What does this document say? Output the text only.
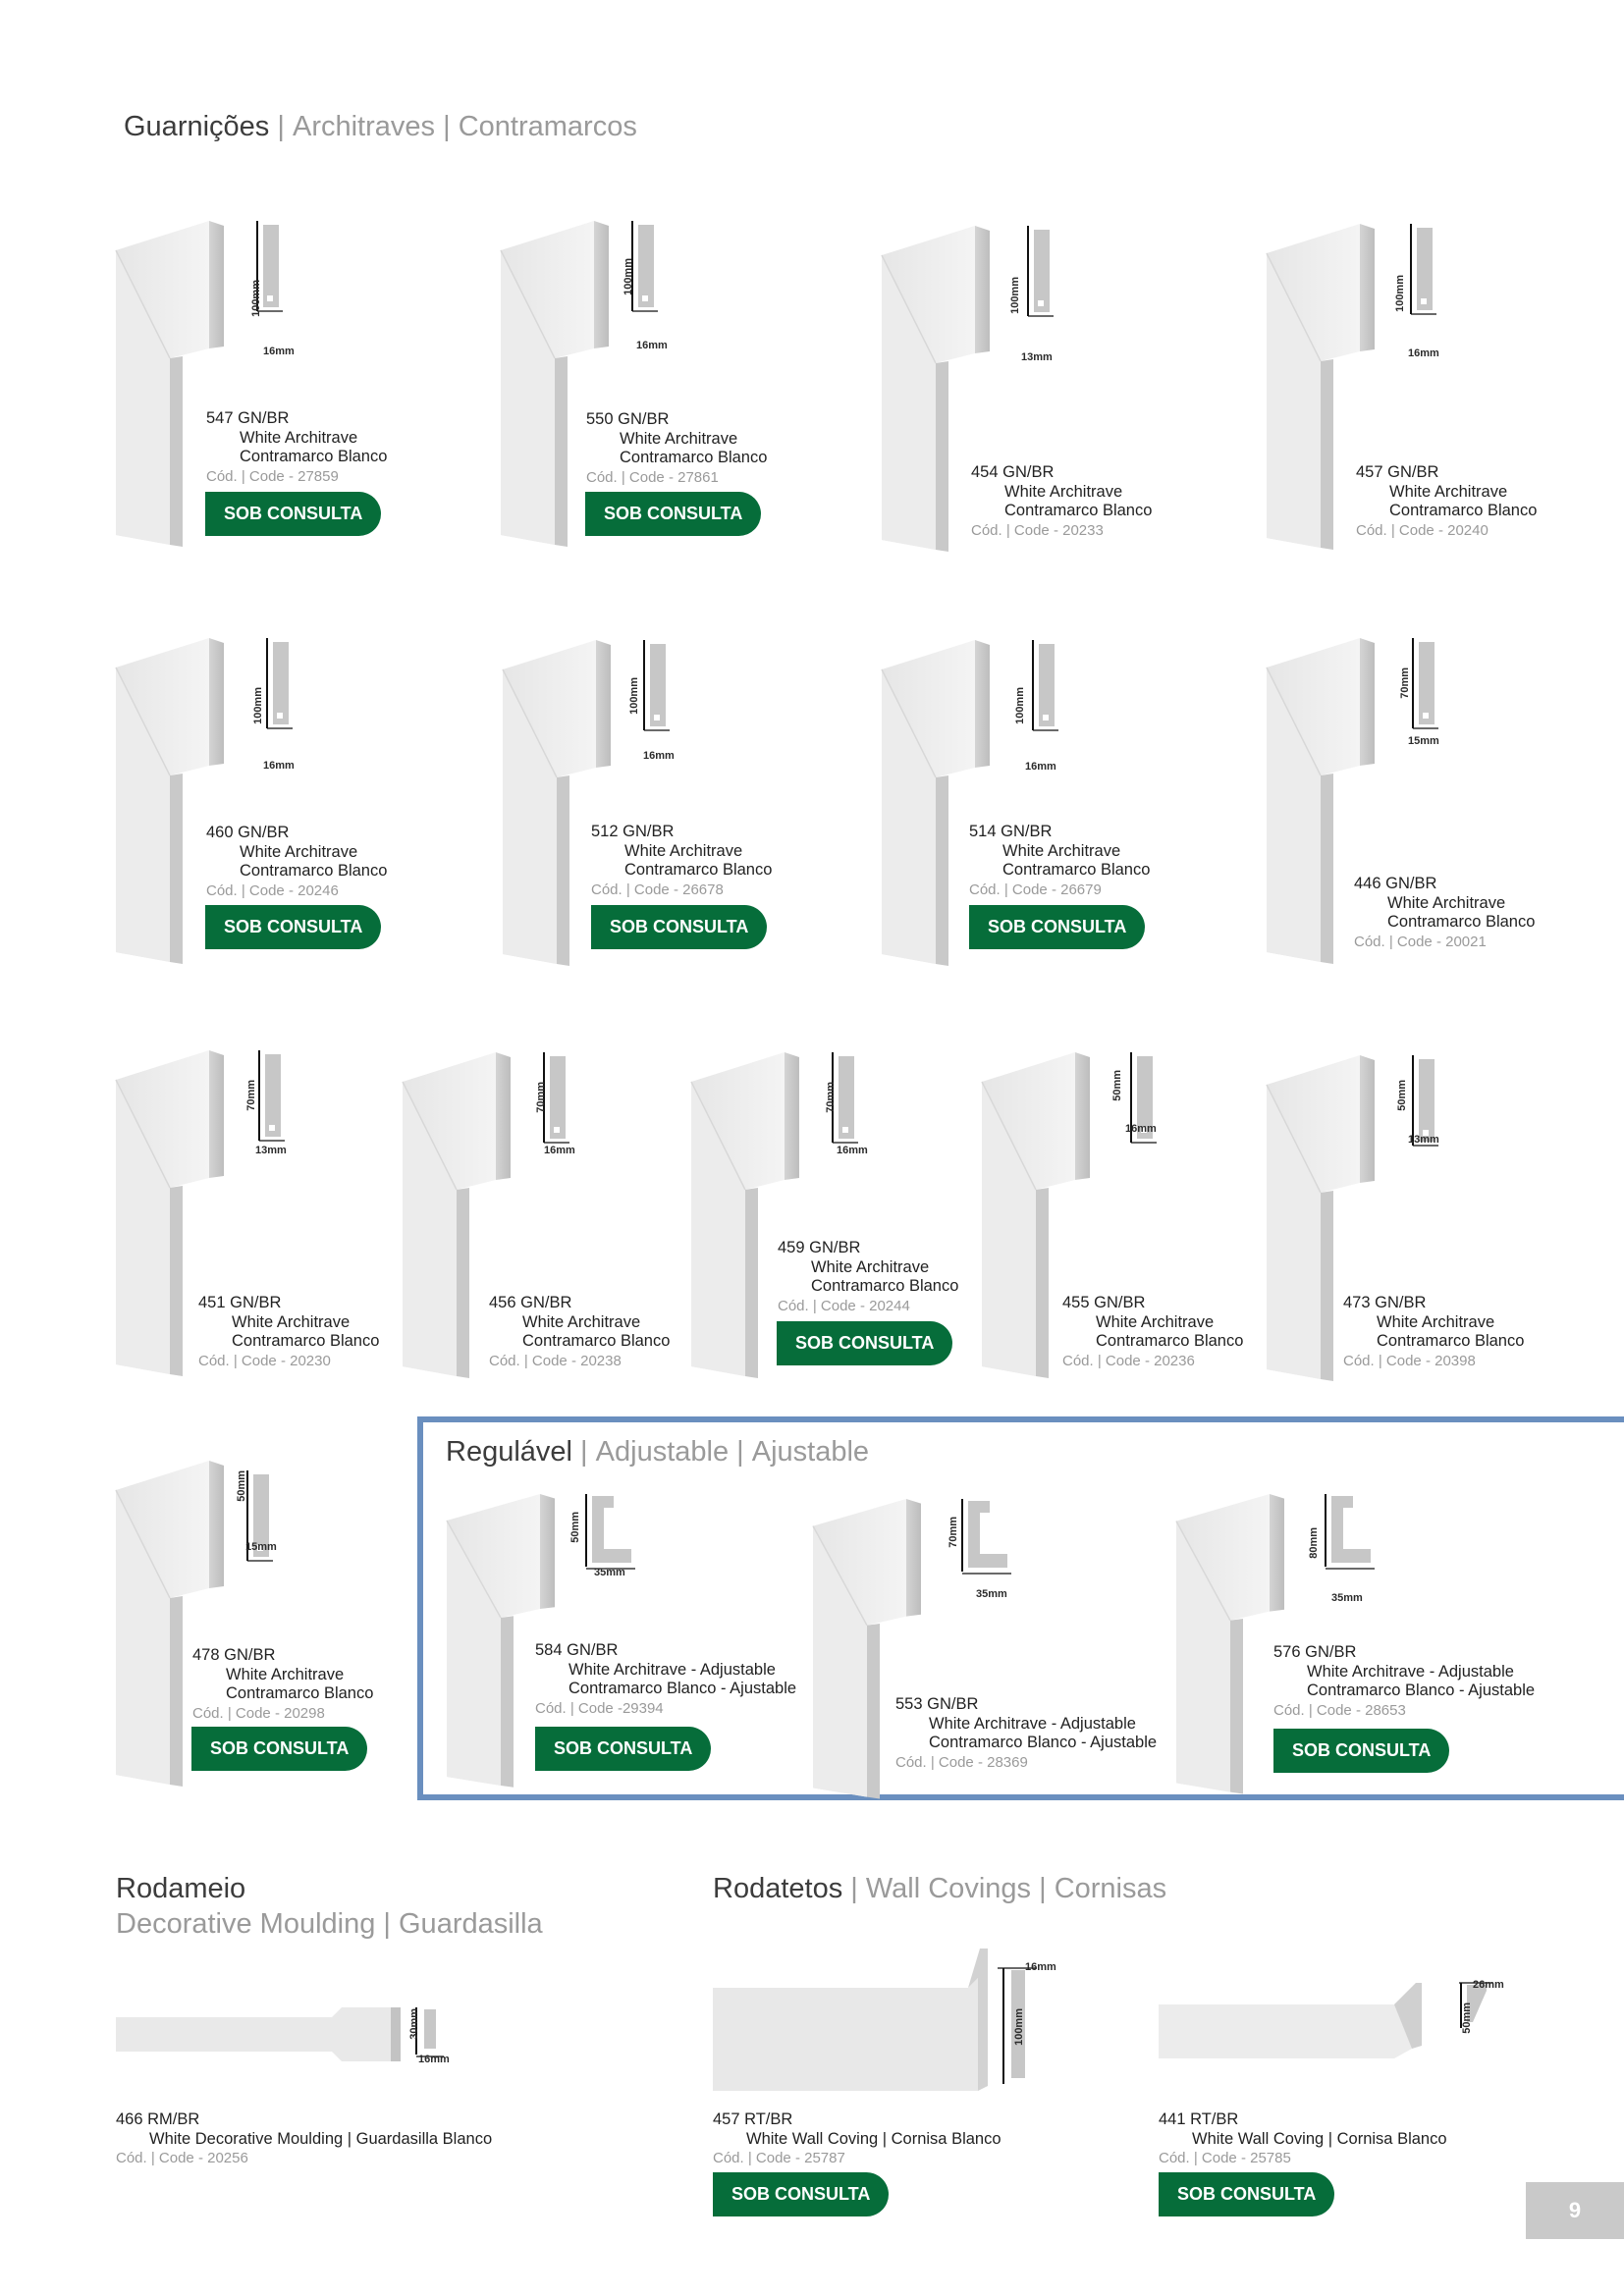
Guarnições | Architraves | Contramarcos
100mm
16mm
547 GN/BR
White Architrave
Contramarco Blanco
Cód. | Code - 27859
SOB CONSULTA
100mm
16mm
550 GN/BR
White Architrave
Contramarco Blanco
Cód. | Code - 27861
SOB CONSULTA
100mm
13mm
454 GN/BR
White Architrave
Contramarco Blanco
Cód. | Code - 20233
100mm
16mm
457 GN/BR
White Architrave
Contramarco Blanco
Cód. | Code - 20240
100mm
16mm
460 GN/BR
White Architrave
Contramarco Blanco
Cód. | Code - 20246
SOB CONSULTA
100mm
16mm
512 GN/BR
White Architrave
Contramarco Blanco
Cód. | Code - 26678
SOB CONSULTA
100mm
16mm
514 GN/BR
White Architrave
Contramarco Blanco
Cód. | Code - 26679
SOB CONSULTA
70mm
15mm
446 GN/BR
White Architrave
Contramarco Blanco
Cód. | Code - 20021
70mm
13mm
451 GN/BR
White Architrave
Contramarco Blanco
Cód. | Code - 20230
70mm
16mm
456 GN/BR
White Architrave
Contramarco Blanco
Cód. | Code - 20238
70mm
16mm
459 GN/BR
White Architrave
Contramarco Blanco
Cód. | Code - 20244
SOB CONSULTA
50mm
16mm
455 GN/BR
White Architrave
Contramarco Blanco
Cód. | Code - 20236
50mm
13mm
473 GN/BR
White Architrave
Contramarco Blanco
Cód. | Code - 20398
50mm
15mm
478 GN/BR
White Architrave
Contramarco Blanco
Cód. | Code - 20298
SOB CONSULTA
Regulável | Adjustable | Ajustable
50mm
35mm
584 GN/BR
White Architrave - Adjustable
Contramarco Blanco - Ajustable
Cód. | Code -29394
SOB CONSULTA
70mm
35mm
553 GN/BR
White Architrave - Adjustable
Contramarco Blanco - Ajustable
Cód. | Code - 28369
80mm
35mm
576 GN/BR
White Architrave - Adjustable
Contramarco Blanco - Ajustable
Cód. | Code - 28653
SOB CONSULTA
Rodameio
Decorative Moulding | Guardasilla
30mm
16mm
466 RM/BR
White Decorative Moulding | Guardasilla Blanco
Cód. | Code - 20256
Rodatetos | Wall Covings | Cornisas
100mm
16mm
457 RT/BR
White Wall Coving | Cornisa Blanco
Cód. | Code - 25787
SOB CONSULTA
50mm
26mm
441 RT/BR
White Wall Coving | Cornisa Blanco
Cód. | Code - 25785
SOB CONSULTA
9
